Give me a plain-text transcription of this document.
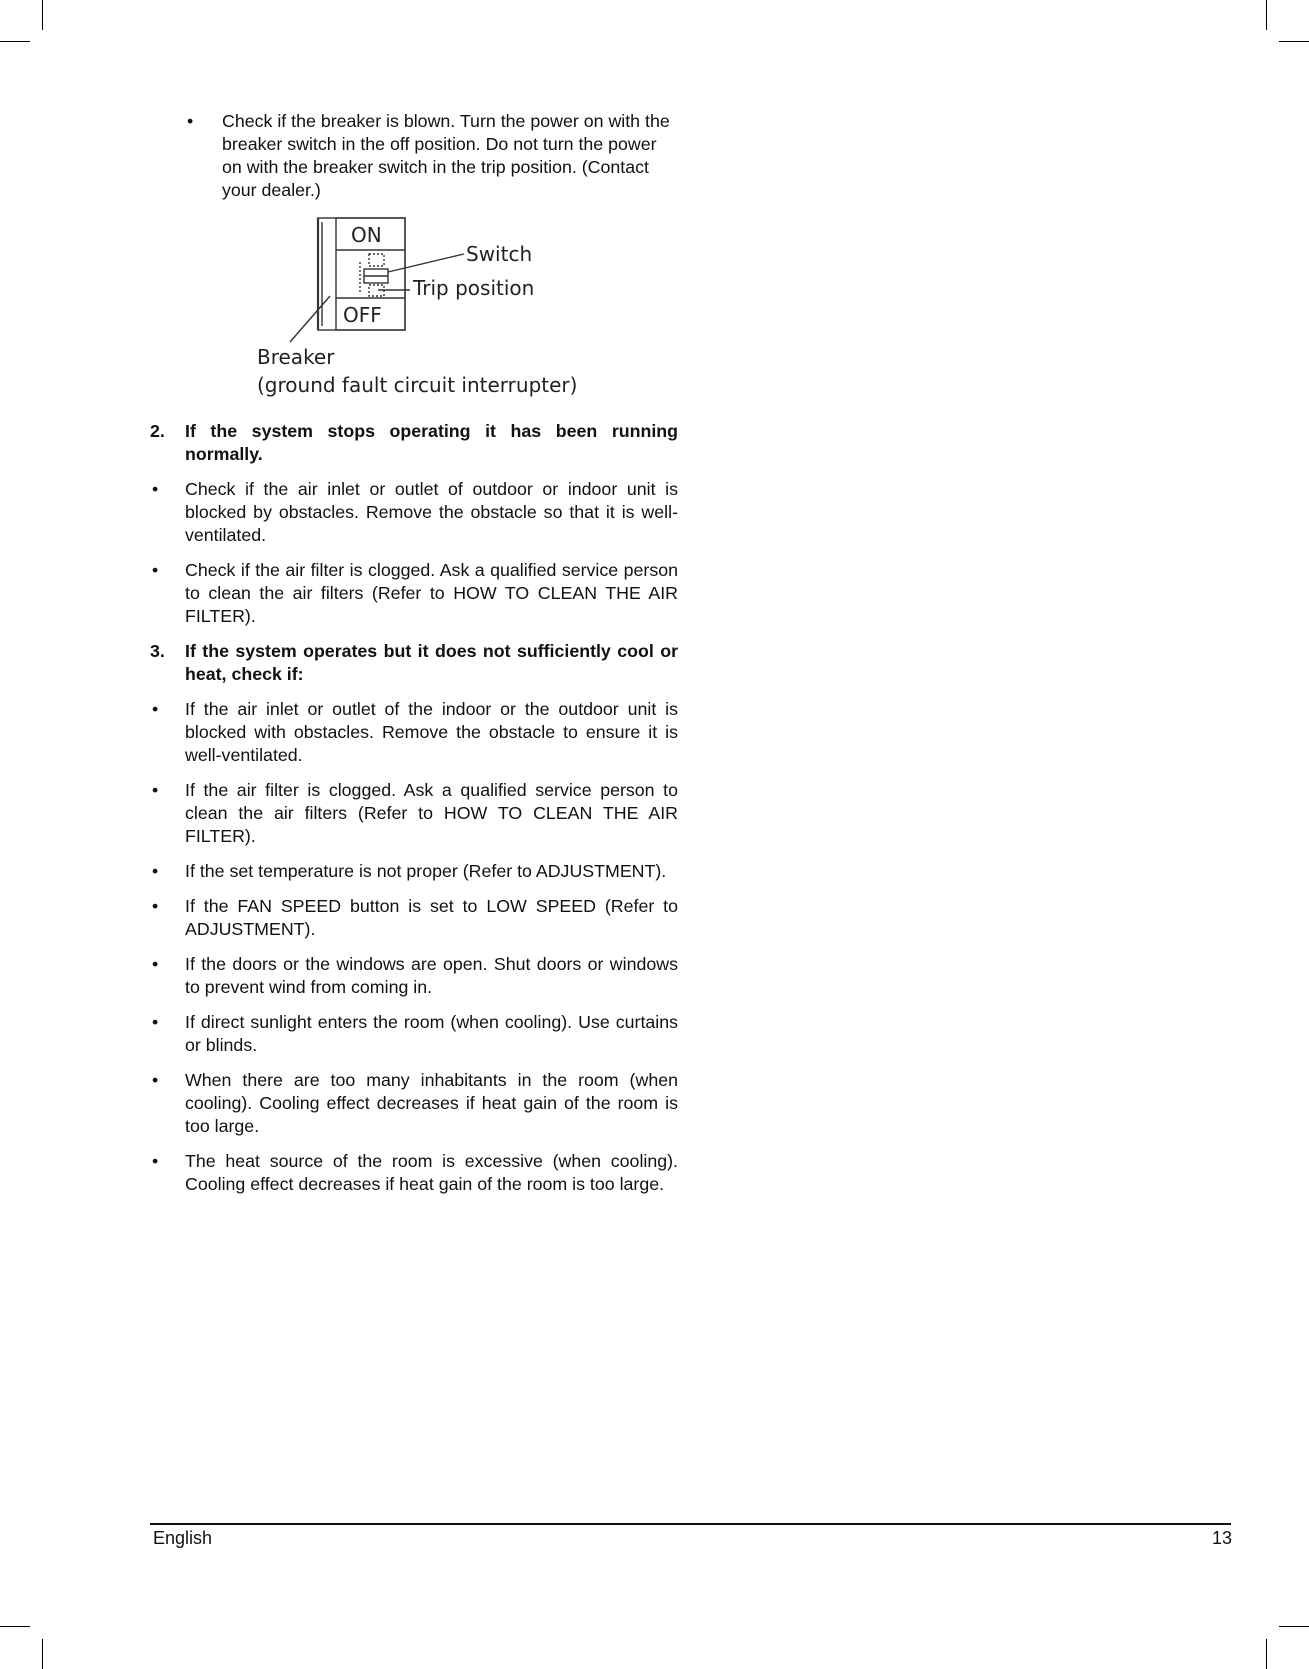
• Check if the breaker is blown. Turn the power on with the breaker switch in the off position. Do not turn the power on with the breaker switch in the trip position. (Contact your dealer.)
ON
OFF
Switch
Trip position
Breaker
(ground fault circuit interrupter)
2. If the system stops operating it has been running normally.
• Check if the air inlet or outlet of outdoor or indoor unit is blocked by obstacles. Remove the obstacle so that it is well-ventilated.
• Check if the air filter is clogged. Ask a qualified service person to clean the air filters (Refer to HOW TO CLEAN THE AIR FILTER).
3. If the system operates but it does not sufficiently cool or heat, check if:
• If the air inlet or outlet of the indoor or the outdoor unit is blocked with obstacles. Remove the obstacle to ensure it is well-ventilated.
• If the air filter is clogged. Ask a qualified service person to clean the air filters (Refer to HOW TO CLEAN THE AIR FILTER).
• If the set temperature is not proper (Refer to ADJUSTMENT).
• If the FAN SPEED button is set to LOW SPEED (Refer to ADJUSTMENT).
• If the doors or the windows are open. Shut doors or windows to prevent wind from coming in.
• If direct sunlight enters the room (when cooling). Use curtains or blinds.
• When there are too many inhabitants in the room (when cooling). Cooling effect decreases if heat gain of the room is too large.
• The heat source of the room is excessive (when cooling). Cooling effect decreases if heat gain of the room is too large.
English	13
